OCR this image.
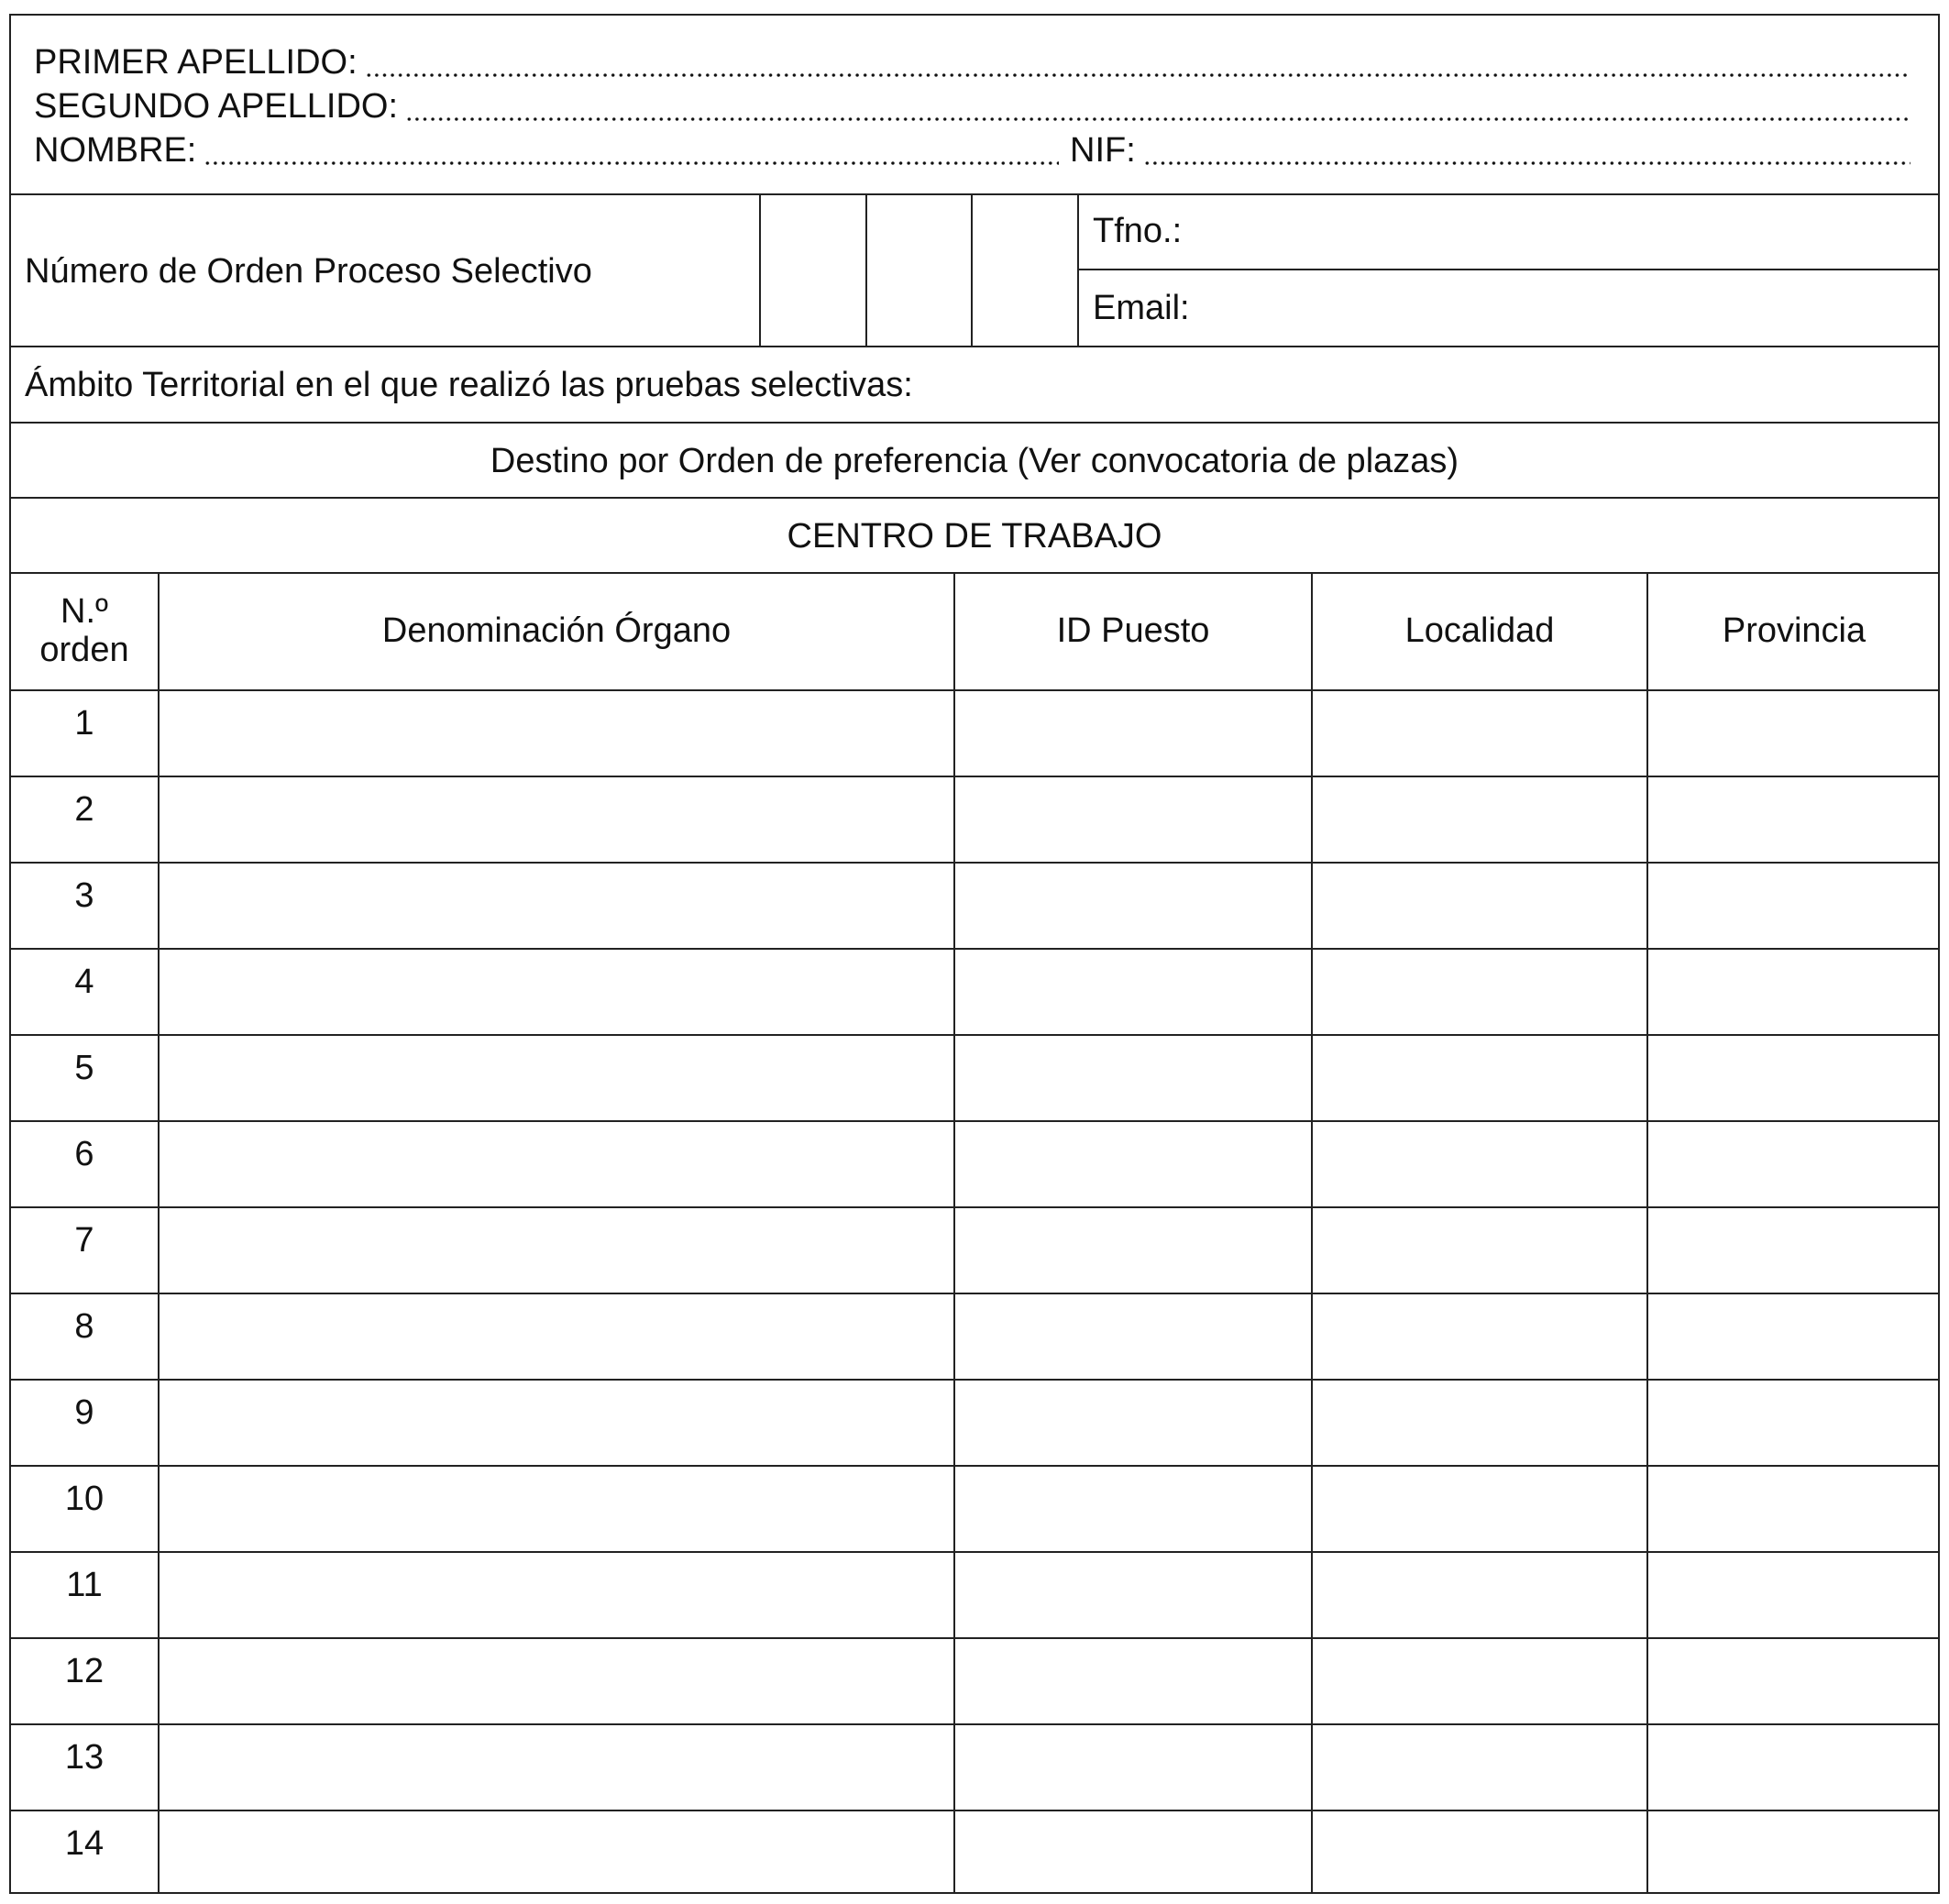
PRIMER APELLIDO:
SEGUNDO APELLIDO:
NOMBRE:	NIF:
Número de Orden Proceso Selectivo
Tfno.:
Email:
Ámbito Territorial en el que realizó las pruebas selectivas:
Destino por Orden de preferencia (Ver convocatoria de plazas)
CENTRO DE TRABAJO
N.º
orden	Denominación Órgano	ID Puesto	Localidad	Provincia
1
2
3
4
5
6
7
8
9
10
11
12
13
14
